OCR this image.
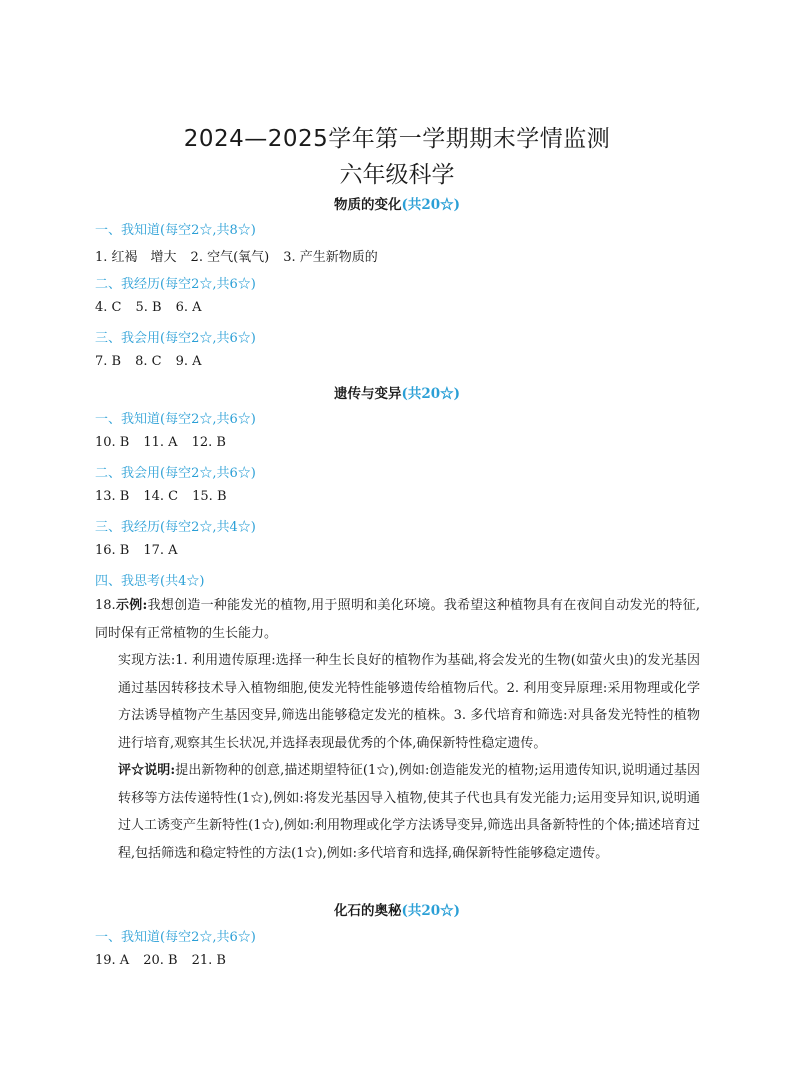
2024—2025学年第一学期期末学情监测
六年级科学
物质的变化(共20☆)
一、我知道(每空2☆,共8☆)
1. 红褐　增大 2. 空气(氧气) 3. 产生新物质的
二、我经历(每空2☆,共6☆)
4. C 5. B 6. A
三、我会用(每空2☆,共6☆)
7. B 8. C 9. A
遗传与变异(共20☆)
一、我知道(每空2☆,共6☆)
10. B 11. A 12. B
二、我会用(每空2☆,共6☆)
13. B 14. C 15. B
三、我经历(每空2☆,共4☆)
16. B 17. A
四、我思考(共4☆)
18.示例:我想创造一种能发光的植物,用于照明和美化环境。我希望这种植物具有在夜间自动发光的特征,同时保有正常植物的生长能力。
实现方法:1. 利用遗传原理:选择一种生长良好的植物作为基础,将会发光的生物(如萤火虫)的发光基因通过基因转移技术导入植物细胞,使发光特性能够遗传给植物后代。2. 利用变异原理:采用物理或化学方法诱导植物产生基因变异,筛选出能够稳定发光的植株。3. 多代培育和筛选:对具备发光特性的植物进行培育,观察其生长状况,并选择表现最优秀的个体,确保新特性稳定遗传。
评☆说明:提出新物种的创意,描述期望特征(1☆),例如:创造能发光的植物;运用遗传知识,说明通过基因转移等方法传递特性(1☆),例如:将发光基因导入植物,使其子代也具有发光能力;运用变异知识,说明通过人工诱变产生新特性(1☆),例如:利用物理或化学方法诱导变异,筛选出具备新特性的个体;描述培育过程,包括筛选和稳定特性的方法(1☆),例如:多代培育和选择,确保新特性能够稳定遗传。
化石的奥秘(共20☆)
一、我知道(每空2☆,共6☆)
19. A 20. B 21. B
